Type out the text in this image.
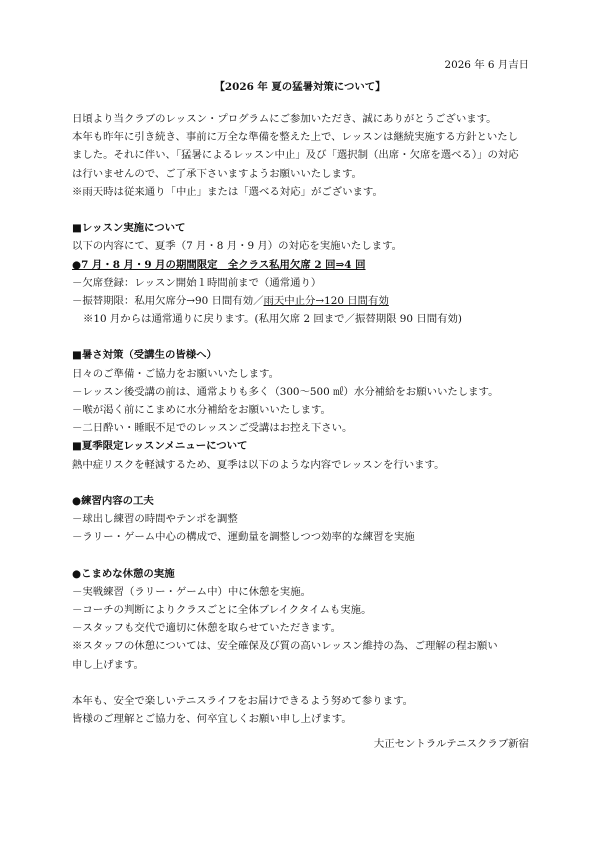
2026 年 6 月吉日
【2026 年 夏の猛暑対策について】
日頃より当クラブのレッスン・プログラムにご参加いただき、誠にありがとうございます。
本年も昨年に引き続き、事前に万全な準備を整えた上で、レッスンは継続実施する方針といたし
ました。それに伴い、「猛暑によるレッスン中止」及び「選択制（出席・欠席を選べる）」の対応
は行いませんので、ご了承下さいますようお願いいたします。
※雨天時は従来通り「中止」または「選べる対応」がございます。
■レッスン実施について
以下の内容にて、夏季（7 月・8 月・9 月）の対応を実施いたします。
●7 月・8 月・9 月の期間限定　全クラス私用欠席 2 回⇒4 回
－欠席登録：レッスン開始１時間前まで（通常通り）
－振替期限：私用欠席分→90 日間有効／雨天中止分→120 日間有効
※10 月からは通常通りに戻ります。(私用欠席 2 回まで／振替期限 90 日間有効)
■暑さ対策（受講生の皆様へ）
日々のご準備・ご協力をお願いいたします。
－レッスン後受講の前は、通常よりも多く（300～500 ㎖）水分補給をお願いいたします。
－喉が渇く前にこまめに水分補給をお願いいたします。
－二日酔い・睡眠不足でのレッスンご受講はお控え下さい。
■夏季限定レッスンメニューについて
熱中症リスクを軽減するため、夏季は以下のような内容でレッスンを行います。
●練習内容の工夫
－球出し練習の時間やテンポを調整
－ラリー・ゲーム中心の構成で、運動量を調整しつつ効率的な練習を実施
●こまめな休憩の実施
－実戦練習（ラリー・ゲーム中）中に休憩を実施。
－コーチの判断によりクラスごとに全体ブレイクタイムも実施。
－スタッフも交代で適切に休憩を取らせていただきます。
※スタッフの休憩については、安全確保及び質の高いレッスン維持の為、ご理解の程お願い
申し上げます。
本年も、安全で楽しいテニスライフをお届けできるよう努めて参ります。
皆様のご理解とご協力を、何卒宜しくお願い申し上げます。
大正セントラルテニスクラブ新宿
